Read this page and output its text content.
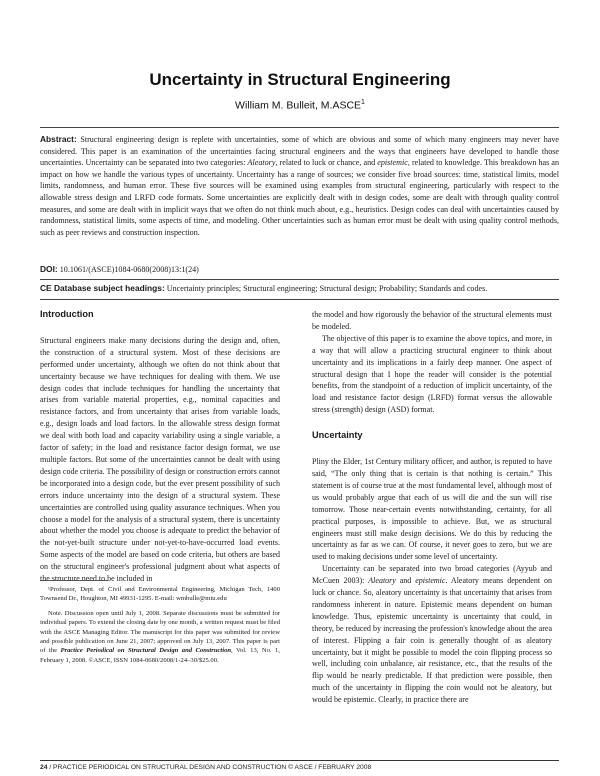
Uncertainty in Structural Engineering
William M. Bulleit, M.ASCE$^1$
Abstract: Structural engineering design is replete with uncertainties, some of which are obvious and some of which many engineers may never have considered. This paper is an examination of the uncertainties facing structural engineers and the ways that engineers have developed to handle those uncertainties. Uncertainty can be separated into two categories: Aleatory, related to luck or chance, and epistemic, related to knowledge. This breakdown has an impact on how we handle the various types of uncertainty. Uncertainty has a range of sources; we consider five broad sources: time, statistical limits, model limits, randomness, and human error. These five sources will be examined using examples from structural engineering, particularly with respect to the allowable stress design and LRFD code formats. Some uncertainties are explicitly dealt with in design codes, some are dealt with through quality control measures, and some are dealt with in implicit ways that we often do not think much about, e.g., heuristics. Design codes can deal with uncertainties caused by randomness, statistical limits, some aspects of time, and modeling. Other uncertainties such as human error must be dealt with using quality control methods, such as peer reviews and construction inspection.
DOI: 10.1061/(ASCE)1084-0680(2008)13:1(24)
CE Database subject headings: Uncertainty principles; Structural engineering; Structural design; Probability; Standards and codes.
Introduction

Structural engineers make many decisions during the design and, often, the construction of a structural system. Most of these decisions are performed under uncertainty, although we often do not think about that uncertainty because we have techniques for dealing with them. We use design codes that include techniques for handling the uncertainty that arises from variable material properties, e.g., nominal capacities and resistance factors, and from uncertainty that arises from variable loads, e.g., design loads and load factors. In the allowable stress design format we deal with both load and capacity variability using a single variable, a factor of safety; in the load and resistance factor design format, we use multiple factors. But some of the uncertainties cannot be dealt with using design code criteria. The possibility of design or construction errors cannot be incorporated into a design code, but the ever present possibility of such errors induce uncertainty into the design of a structural system. These uncertainties are controlled using quality assurance techniques. When you choose a model for the analysis of a structural system, there is uncertainty about whether the model you choose is adequate to predict the behavior of the not-yet-built structure under not-yet-to-have-occurred load events. Some aspects of the model are based on code criteria, but others are based on the structural engineer's professional judgment about what aspects of the structure need to be included in

the model and how rigorously the behavior of the structural elements must be modeled.

The objective of this paper is to examine the above topics, and more, in a way that will allow a practicing structural engineer to think about uncertainty and its implications in a fairly deep manner. One aspect of structural design that I hope the reader will consider is the potential benefits, from the standpoint of a reduction of implicit uncertainty, of the load and resistance factor design (LRFD) format versus the allowable stress (strength) design (ASD) format.

Uncertainty

Pliny the Elder, 1st Century military officer, and author, is reputed to have said, “The only thing that is certain is that nothing is certain.” This statement is of course true at the most fundamental level, although most of us would probably argue that each of us will die and the sun will rise tomorrow. Those near-certain events notwithstanding, certainty, for all practical purposes, is impossible to achieve. But, we as structural engineers must still make design decisions. We do this by reducing the uncertainty as far as we can. Of course, it never goes to zero, but we are used to making decisions under some level of uncertainty.

Uncertainty can be separated into two broad categories (Ayyub and McCuen 2003): Aleatory and epistemic. Aleatory means dependent on luck or chance. So, aleatory uncertainty is that uncertainty that arises from randomness inherent in nature. Epistemic means dependent on human knowledge. Thus, epistemic uncertainty is uncertainty that could, in theory, be reduced by increasing the profession's knowledge about the area of interest. Flipping a fair coin is generally thought of as aleatory uncertainty, but it might be possible to model the coin flipping process so well, including coin unbalance, air resistance, etc., that the results of the flip would be nearly predictable. If that prediction were possible, then much of the uncertainty in flipping the coin would not be aleatory, but would be epistemic. Clearly, in practice there are

¹Professor, Dept. of Civil and Environmental Engineering, Michigan Tech, 1400 Townsend Dr., Houghton, MI 49931-1295. E-mail: wmbulle@mtu.edu

Note. Discussion open until July 1, 2008. Separate discussions must be submitted for individual papers. To extend the closing date by one month, a written request must be filed with the ASCE Managing Editor. The manuscript for this paper was submitted for review and possible publication on June 21, 2007; approved on July 13, 2007. This paper is part of the Practice Periodical on Structural Design and Construction, Vol. 13, No. 1, February 1, 2008. ©ASCE, ISSN 1084-0680/2008/1-24–30/$25.00.

24 / PRACTICE PERIODICAL ON STRUCTURAL DESIGN AND CONSTRUCTION © ASCE / FEBRUARY 2008
